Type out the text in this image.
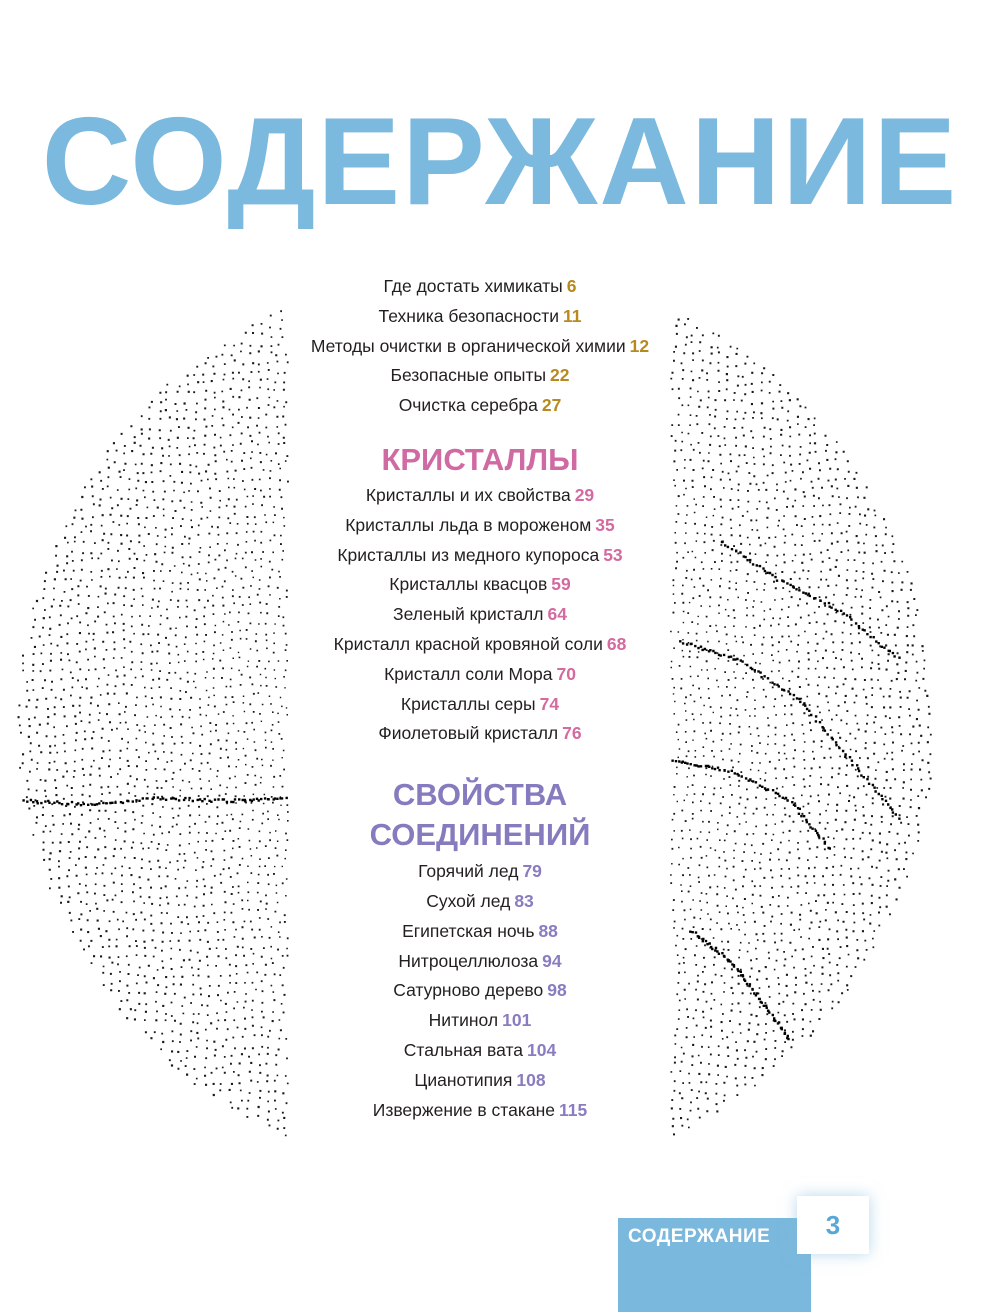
СОДЕРЖАНИЕ
Где достать химикаты 6
Техника безопасности 11
Методы очистки в органической химии 12
Безопасные опыты 22
Очистка серебра 27
КРИСТАЛЛЫ
Кристаллы и их свойства 29
Кристаллы льда в мороженом 35
Кристаллы из медного купороса 53
Кристаллы квасцов 59
Зеленый кристалл 64
Кристалл красной кровяной соли 68
Кристалл соли Мора 70
Кристаллы серы 74
Фиолетовый кристалл 76
СВОЙСТВА СОЕДИНЕНИЙ
Горячий лед 79
Сухой лед 83
Египетская ночь 88
Нитроцеллюлоза 94
Сатурново дерево 98
Нитинол 101
Стальная вата 104
Цианотипия 108
Извержение в стакане 115
СОДЕРЖАНИЕ	3
